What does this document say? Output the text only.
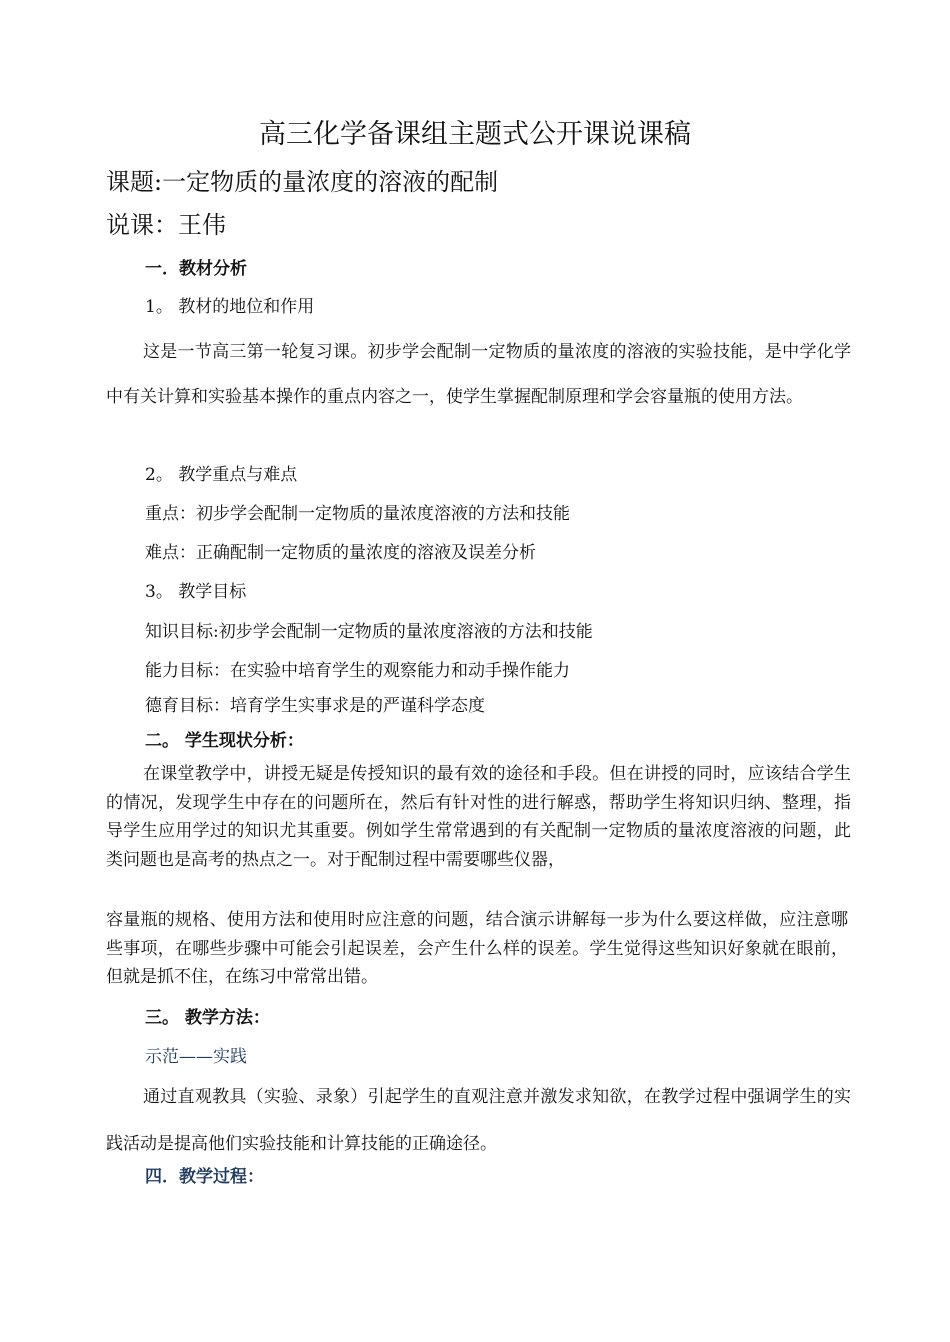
高三化学备课组主题式公开课说课稿

课题:一定物质的量浓度的溶液的配制

说课：王伟

一．教材分析

1。 教材的地位和作用

这是一节高三第一轮复习课。初步学会配制一定物质的量浓度的溶液的实验技能，是中学化学中有关计算和实验基本操作的重点内容之一，使学生掌握配制原理和学会容量瓶的使用方法。

2。 教学重点与难点

重点：初步学会配制一定物质的量浓度溶液的方法和技能

难点：正确配制一定物质的量浓度的溶液及误差分析

3。 教学目标

知识目标:初步学会配制一定物质的量浓度溶液的方法和技能

能力目标：在实验中培育学生的观察能力和动手操作能力

德育目标：培育学生实事求是的严谨科学态度

二。 学生现状分析：

在课堂教学中，讲授无疑是传授知识的最有效的途径和手段。但在讲授的同时，应该结合学生的情况，发现学生中存在的问题所在，然后有针对性的进行解惑，帮助学生将知识归纳、整理，指导学生应用学过的知识尤其重要。例如学生常常遇到的有关配制一定物质的量浓度溶液的问题，此类问题也是高考的热点之一。对于配制过程中需要哪些仪器，

容量瓶的规格、使用方法和使用时应注意的问题，结合演示讲解每一步为什么要这样做，应注意哪些事项，在哪些步骤中可能会引起误差，会产生什么样的误差。学生觉得这些知识好象就在眼前，但就是抓不住，在练习中常常出错。

三。 教学方法：

示范——实践

通过直观教具（实验、录象）引起学生的直观注意并激发求知欲，在教学过程中强调学生的实践活动是提高他们实验技能和计算技能的正确途径。

四．教学过程：
